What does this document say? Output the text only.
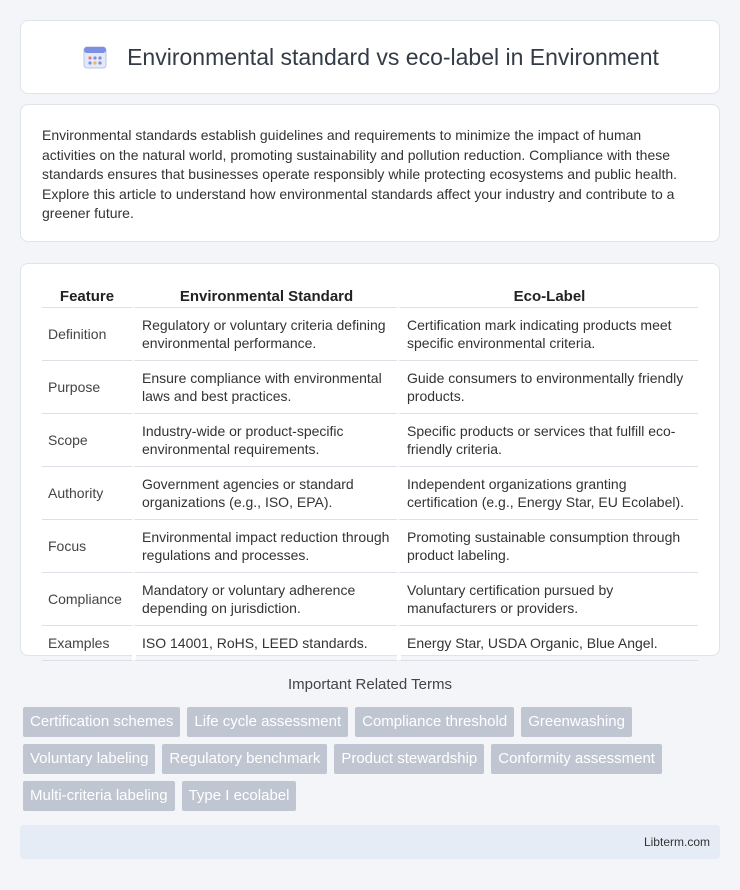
Environmental standard vs eco-label in Environment

Environmental standards establish guidelines and requirements to minimize the impact of human activities on the natural world, promoting sustainability and pollution reduction. Compliance with these standards ensures that businesses operate responsibly while protecting ecosystems and public health. Explore this article to understand how environmental standards affect your industry and contribute to a greener future.

Feature	Environmental Standard	Eco-Label
Definition	Regulatory or voluntary criteria defining environmental performance.	Certification mark indicating products meet specific environmental criteria.
Purpose	Ensure compliance with environmental laws and best practices.	Guide consumers to environmentally friendly products.
Scope	Industry-wide or product-specific environmental requirements.	Specific products or services that fulfill eco-friendly criteria.
Authority	Government agencies or standard organizations (e.g., ISO, EPA).	Independent organizations granting certification (e.g., Energy Star, EU Ecolabel).
Focus	Environmental impact reduction through regulations and processes.	Promoting sustainable consumption through product labeling.
Compliance	Mandatory or voluntary adherence depending on jurisdiction.	Voluntary certification pursued by manufacturers or providers.
Examples	ISO 14001, RoHS, LEED standards.	Energy Star, USDA Organic, Blue Angel.
Important Related Terms
Certification schemes	Life cycle assessment	Compliance threshold	Greenwashing
Voluntary labeling	Regulatory benchmark	Product stewardship	Conformity assessment
Multi-criteria labeling	Type I ecolabel
Libterm.com
